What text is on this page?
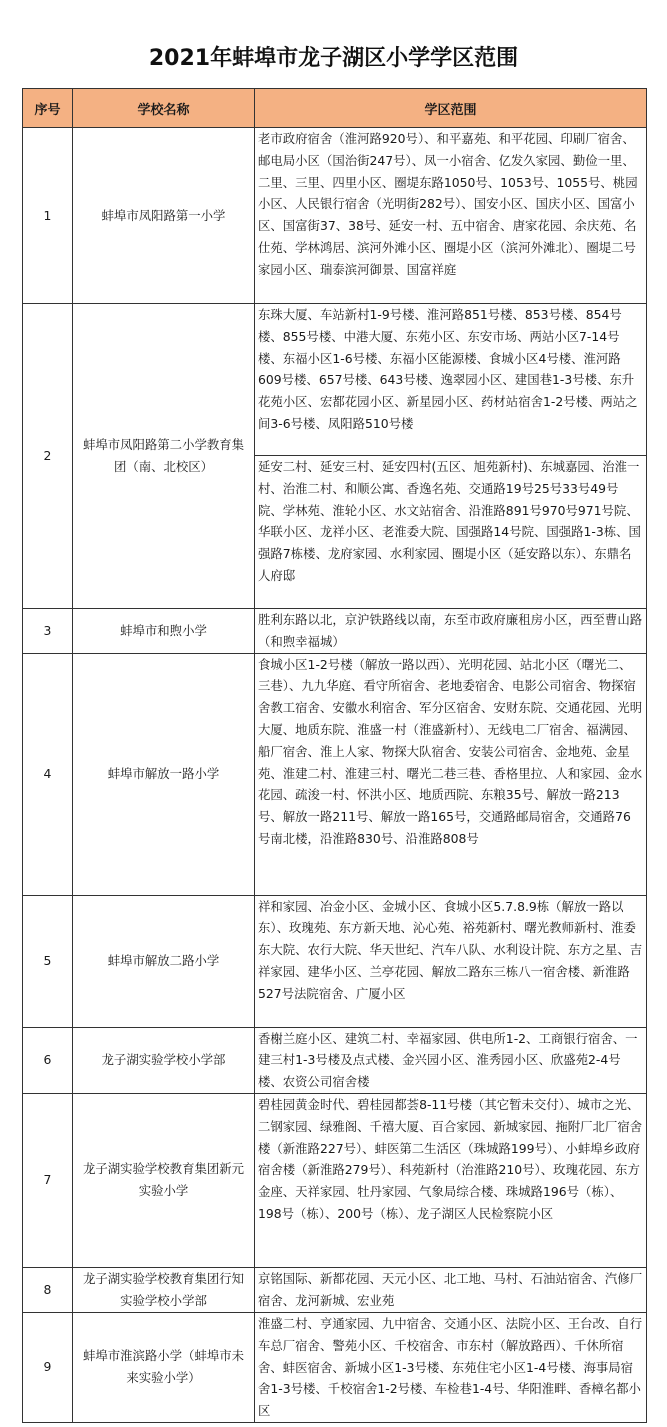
2021年蚌埠市龙子湖区小学学区范围
序号	学校名称	学区范围
1	蚌埠市凤阳路第一小学	老市政府宿舍（淮河路920号）、和平嘉苑、和平花园、印刷厂宿舍、邮电局小区（国治街247号）、凤一小宿舍、亿发久家园、勤俭一里、二里、三里、四里小区、圈堤东路1050号、1053号、1055号、桃园小区、人民银行宿舍（光明街282号）、国安小区、国庆小区、国富小区、国富街37、38号、延安一村、五中宿舍、唐家花园、余庆苑、名仕苑、学林鸿居、滨河外滩小区、圈堤小区（滨河外滩北）、圈堤二号家园小区、瑞泰滨河御景、国富祥庭
2	蚌埠市凤阳路第二小学教育集团（南、北校区）	东珠大厦、车站新村1-9号楼、淮河路851号楼、853号楼、854号楼、855号楼、中港大厦、东苑小区、东安市场、两站小区7-14号楼、东福小区1-6号楼、东福小区能源楼、食城小区4号楼、淮河路609号楼、657号楼、643号楼、逸翠园小区、建国巷1-3号楼、东升花苑小区、宏都花园小区、新星园小区、药材站宿舍1-2号楼、两站之间3-6号楼、凤阳路510号楼
		延安二村、延安三村、延安四村(五区、旭苑新村)、东城嘉园、治淮一村、治淮二村、和顺公寓、香逸名苑、交通路19号25号33号49号院、学林苑、淮轮小区、水文站宿舍、沿淮路891号970号971号院、华联小区、龙祥小区、老淮委大院、国强路14号院、国强路1-3栋、国强路7栋楼、龙府家园、水利家园、圈堤小区（延安路以东）、东鼎名人府邸
3	蚌埠市和煦小学	胜利东路以北，京沪铁路线以南，东至市政府廉租房小区，西至曹山路（和煦幸福城）
4	蚌埠市解放一路小学	食城小区1-2号楼（解放一路以西）、光明花园、站北小区（曙光二、三巷）、九九华庭、看守所宿舍、老地委宿舍、电影公司宿舍、物探宿舍教工宿舍、安徽水利宿舍、军分区宿舍、安财东院、交通花园、光明大厦、地质东院、淮盛一村（淮盛新村）、无线电二厂宿舍、福满园、船厂宿舍、淮上人家、物探大队宿舍、安装公司宿舍、金地苑、金星苑、淮建二村、淮建三村、曙光二巷三巷、香格里拉、人和家园、金水花园、疏浚一村、怀洪小区、地质西院、东粮35号、解放一路213号、解放一路211号、解放一路165号，交通路邮局宿舍，交通路76号南北楼，沿淮路830号、沿淮路808号
5	蚌埠市解放二路小学	祥和家园、冶金小区、金城小区、食城小区5.7.8.9栋（解放一路以东）、玫瑰苑、东方新天地、沁心苑、裕苑新村、曙光教师新村、淮委东大院、农行大院、华天世纪、汽车八队、水利设计院、东方之星、吉祥家园、建华小区、兰亭花园、解放二路东三栋八一宿舍楼、新淮路527号法院宿舍、广厦小区
6	龙子湖实验学校小学部	香榭兰庭小区、建筑二村、幸福家园、供电所1-2、工商银行宿舍、一建三村1-3号楼及点式楼、金兴园小区、淮秀园小区、欣盛苑2-4号楼、农资公司宿舍楼
7	龙子湖实验学校教育集团新元实验小学	碧桂园黄金时代、碧桂园都荟8-11号楼（其它暂未交付）、城市之光、二钢家园、绿雅阁、千禧大厦、百合家园、新城家园、拖附厂北厂宿舍楼（新淮路227号）、蚌医第二生活区（珠城路199号）、小蚌埠乡政府宿舍楼（新淮路279号）、科苑新村（治淮路210号）、玫瑰花园、东方金座、天祥家园、牡丹家园、气象局综合楼、珠城路196号（栋）、198号（栋）、200号（栋）、龙子湖区人民检察院小区
8	龙子湖实验学校教育集团行知实验学校小学部	京铭国际、新都花园、天元小区、北工地、马村、石油站宿舍、汽修厂宿舍、龙河新城、宏业苑
9	蚌埠市淮滨路小学（蚌埠市未来实验小学）	淮盛二村、亨通家园、九中宿舍、交通小区、法院小区、王台改、自行车总厂宿舍、警苑小区、千校宿舍、市东村（解放路西）、千休所宿舍、蚌医宿舍、新城小区1-3号楼、东苑住宅小区1-4号楼、海事局宿舍1-3号楼、千校宿舍1-2号楼、车检巷1-4号、华阳淮畔、香樟名都小区
